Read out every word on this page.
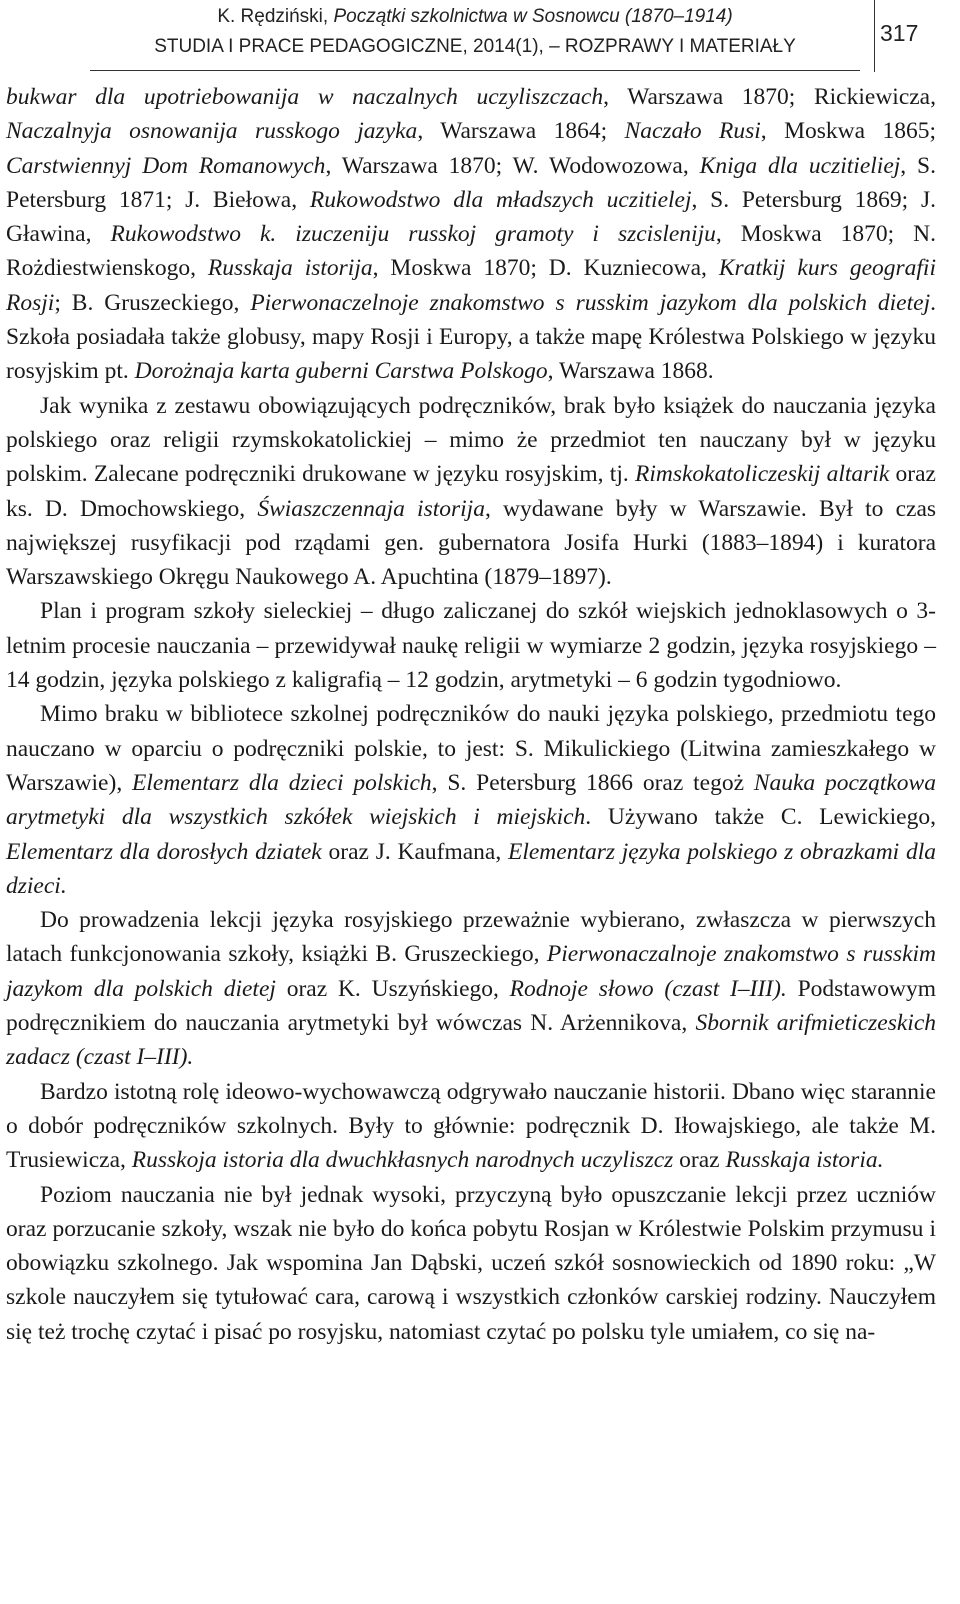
K. Rędziński, Początki szkolnictwa w Sosnowcu (1870–1914)
STUDIA I PRACE PEDAGOGICZNE, 2014(1), – ROZPRAWY I MATERIAŁY
317

bukwar dla upotriebowanija w naczalnych uczyliszczach, Warszawa 1870; Rickiewicza, Naczalnyja osnowanija russkogo jazyka, Warszawa 1864; Naczało Rusi, Moskwa 1865; Carstwiennyj Dom Romanowych, Warszawa 1870; W. Wodowozowa, Kniga dla uczitieliej, S. Petersburg 1871; J. Biełowa, Rukowodstwo dla mładszych uczitielej, S. Petersburg 1869; J. Gławina, Rukowodstwo k. izuczeniju russkoj gramoty i szcisleniju, Moskwa 1870; N. Rożdiestwienskogo, Russkaja istorija, Moskwa 1870; D. Kuzniecowa, Kratkij kurs geografii Rosji; B. Gruszeckiego, Pierwonaczelnoje znakomstwo s russkim jazykom dla polskich dietej. Szkoła posiadała także globusy, mapy Rosji i Europy, a także mapę Królestwa Polskiego w języku rosyjskim pt. Dorożnaja karta guberni Carstwa Polskogo, Warszawa 1868.

Jak wynika z zestawu obowiązujących podręczników, brak było książek do nauczania języka polskiego oraz religii rzymskokatolickiej – mimo że przedmiot ten nauczany był w języku polskim. Zalecane podręczniki drukowane w języku rosyjskim, tj. Rimskokatoliczeskij altarik oraz ks. D. Dmochowskiego, Świaszczennaja istorija, wydawane były w Warszawie. Był to czas największej rusyfikacji pod rządami gen. gubernatora Josifa Hurki (1883–1894) i kuratora Warszawskiego Okręgu Naukowego A. Apuchtina (1879–1897).

Plan i program szkoły sieleckiej – długo zaliczanej do szkół wiejskich jednoklasowych o 3-letnim procesie nauczania – przewidywał naukę religii w wymiarze 2 godzin, języka rosyjskiego – 14 godzin, języka polskiego z kaligrafią – 12 godzin, arytmetyki – 6 godzin tygodniowo.

Mimo braku w bibliotece szkolnej podręczników do nauki języka polskiego, przedmiotu tego nauczano w oparciu o podręczniki polskie, to jest: S. Mikulickiego (Litwina zamieszkałego w Warszawie), Elementarz dla dzieci polskich, S. Petersburg 1866 oraz tegoż Nauka początkowa arytmetyki dla wszystkich szkółek wiejskich i miejskich. Używano także C. Lewickiego, Elementarz dla dorosłych dziatek oraz J. Kaufmana, Elementarz języka polskiego z obrazkami dla dzieci.

Do prowadzenia lekcji języka rosyjskiego przeważnie wybierano, zwłaszcza w pierwszych latach funkcjonowania szkoły, książki B. Gruszeckiego, Pierwonaczalnoje znakomstwo s russkim jazykom dla polskich dietej oraz K. Uszyńskiego, Rodnoje słowo (czast I–III). Podstawowym podręcznikiem do nauczania arytmetyki był wówczas N. Arżennikova, Sbornik arifmieticzeskich zadacz (czast I–III).

Bardzo istotną rolę ideowo-wychowawczą odgrywało nauczanie historii. Dbano więc starannie o dobór podręczników szkolnych. Były to głównie: podręcznik D. Iłowajskiego, ale także M. Trusiewicza, Russkoja istoria dla dwuchkłasnych narodnych uczyliszcz oraz Russkaja istoria.

Poziom nauczania nie był jednak wysoki, przyczyną było opuszczanie lekcji przez uczniów oraz porzucanie szkoły, wszak nie było do końca pobytu Rosjan w Królestwie Polskim przymusu i obowiązku szkolnego. Jak wspomina Jan Dąbski, uczeń szkół sosnowieckich od 1890 roku: „W szkole nauczyłem się tytułować cara, carową i wszystkich członków carskiej rodziny. Nauczyłem się też trochę czytać i pisać po rosyjsku, natomiast czytać po polsku tyle umiałem, co się na-
